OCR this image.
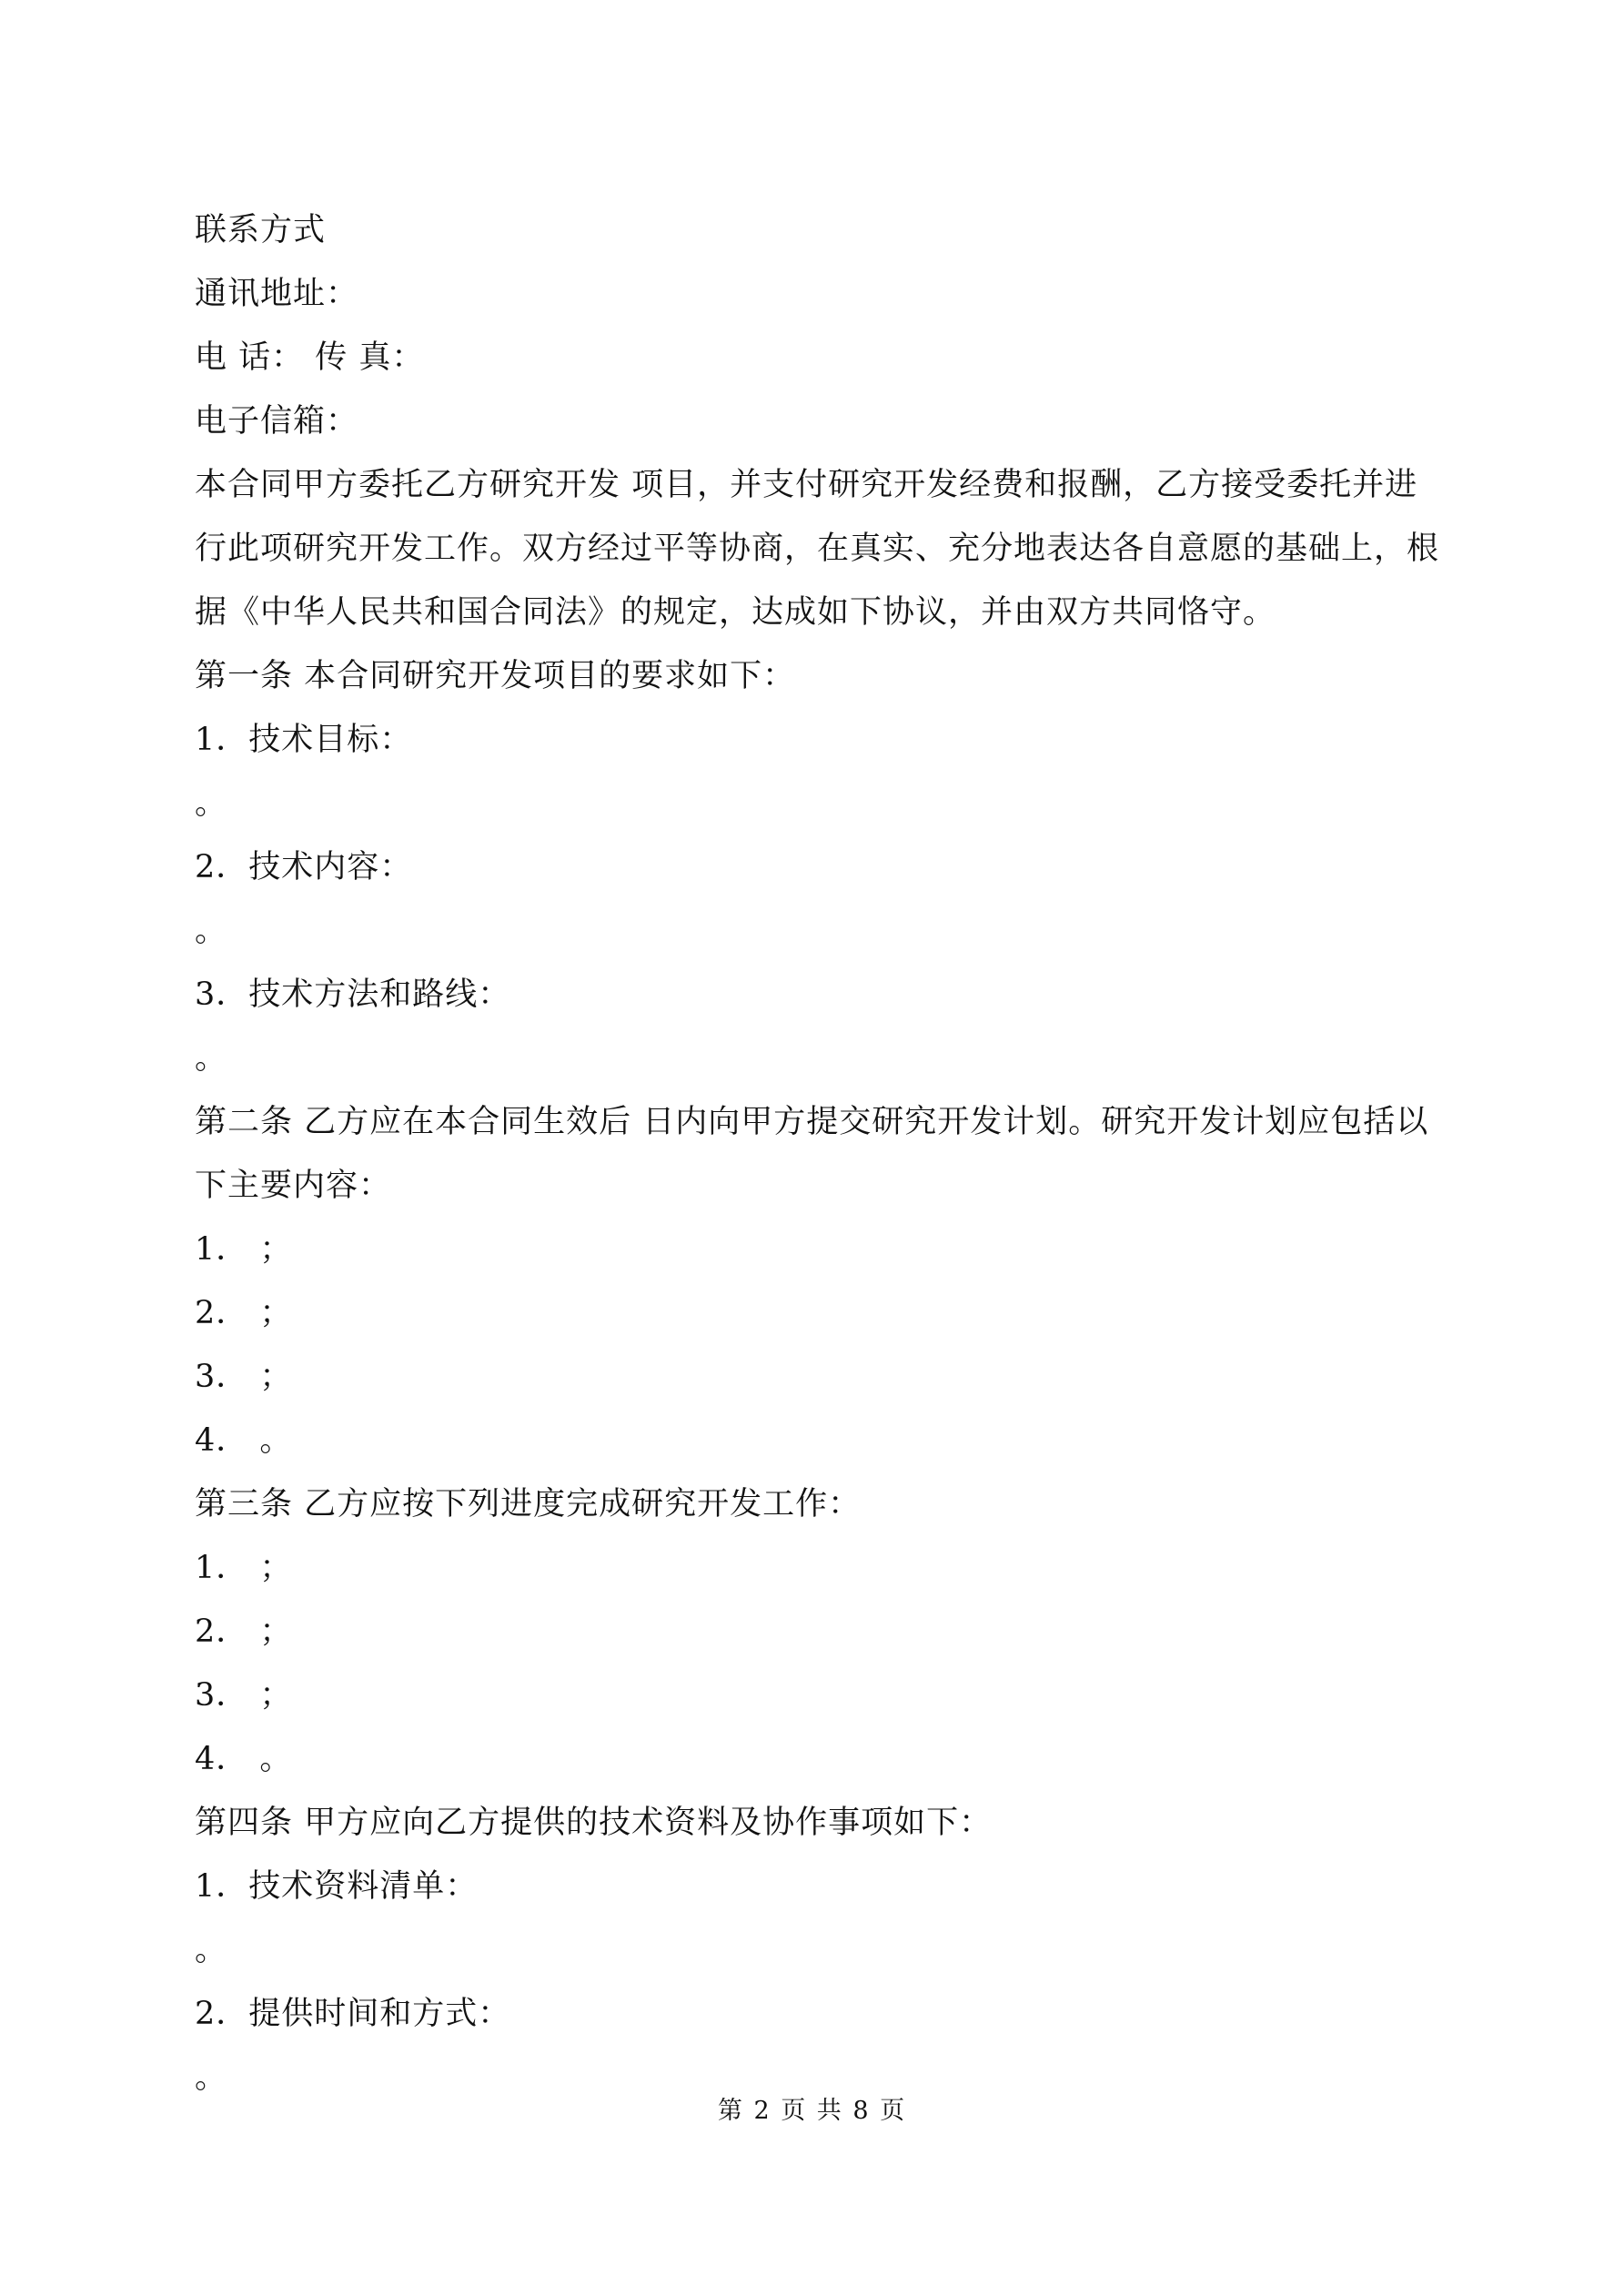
联系方式
通讯地址：
电 话： 传 真：
电子信箱：
本合同甲方委托乙方研究开发 项目，并支付研究开发经费和报酬，乙方接受委托并进
行此项研究开发工作。双方经过平等协商，在真实、充分地表达各自意愿的基础上，根
据《中华人民共和国合同法》的规定，达成如下协议，并由双方共同恪守。
第一条 本合同研究开发项目的要求如下：
1．技术目标：
。
2．技术内容：
。
3．技术方法和路线：
。
第二条 乙方应在本合同生效后 日内向甲方提交研究开发计划。研究开发计划应包括以
下主要内容：
1． ；
2． ；
3． ；
4． 。
第三条 乙方应按下列进度完成研究开发工作：
1． ；
2． ；
3． ；
4． 。
第四条 甲方应向乙方提供的技术资料及协作事项如下：
1．技术资料清单：
。
2．提供时间和方式：
。
第 2 页 共 8 页
